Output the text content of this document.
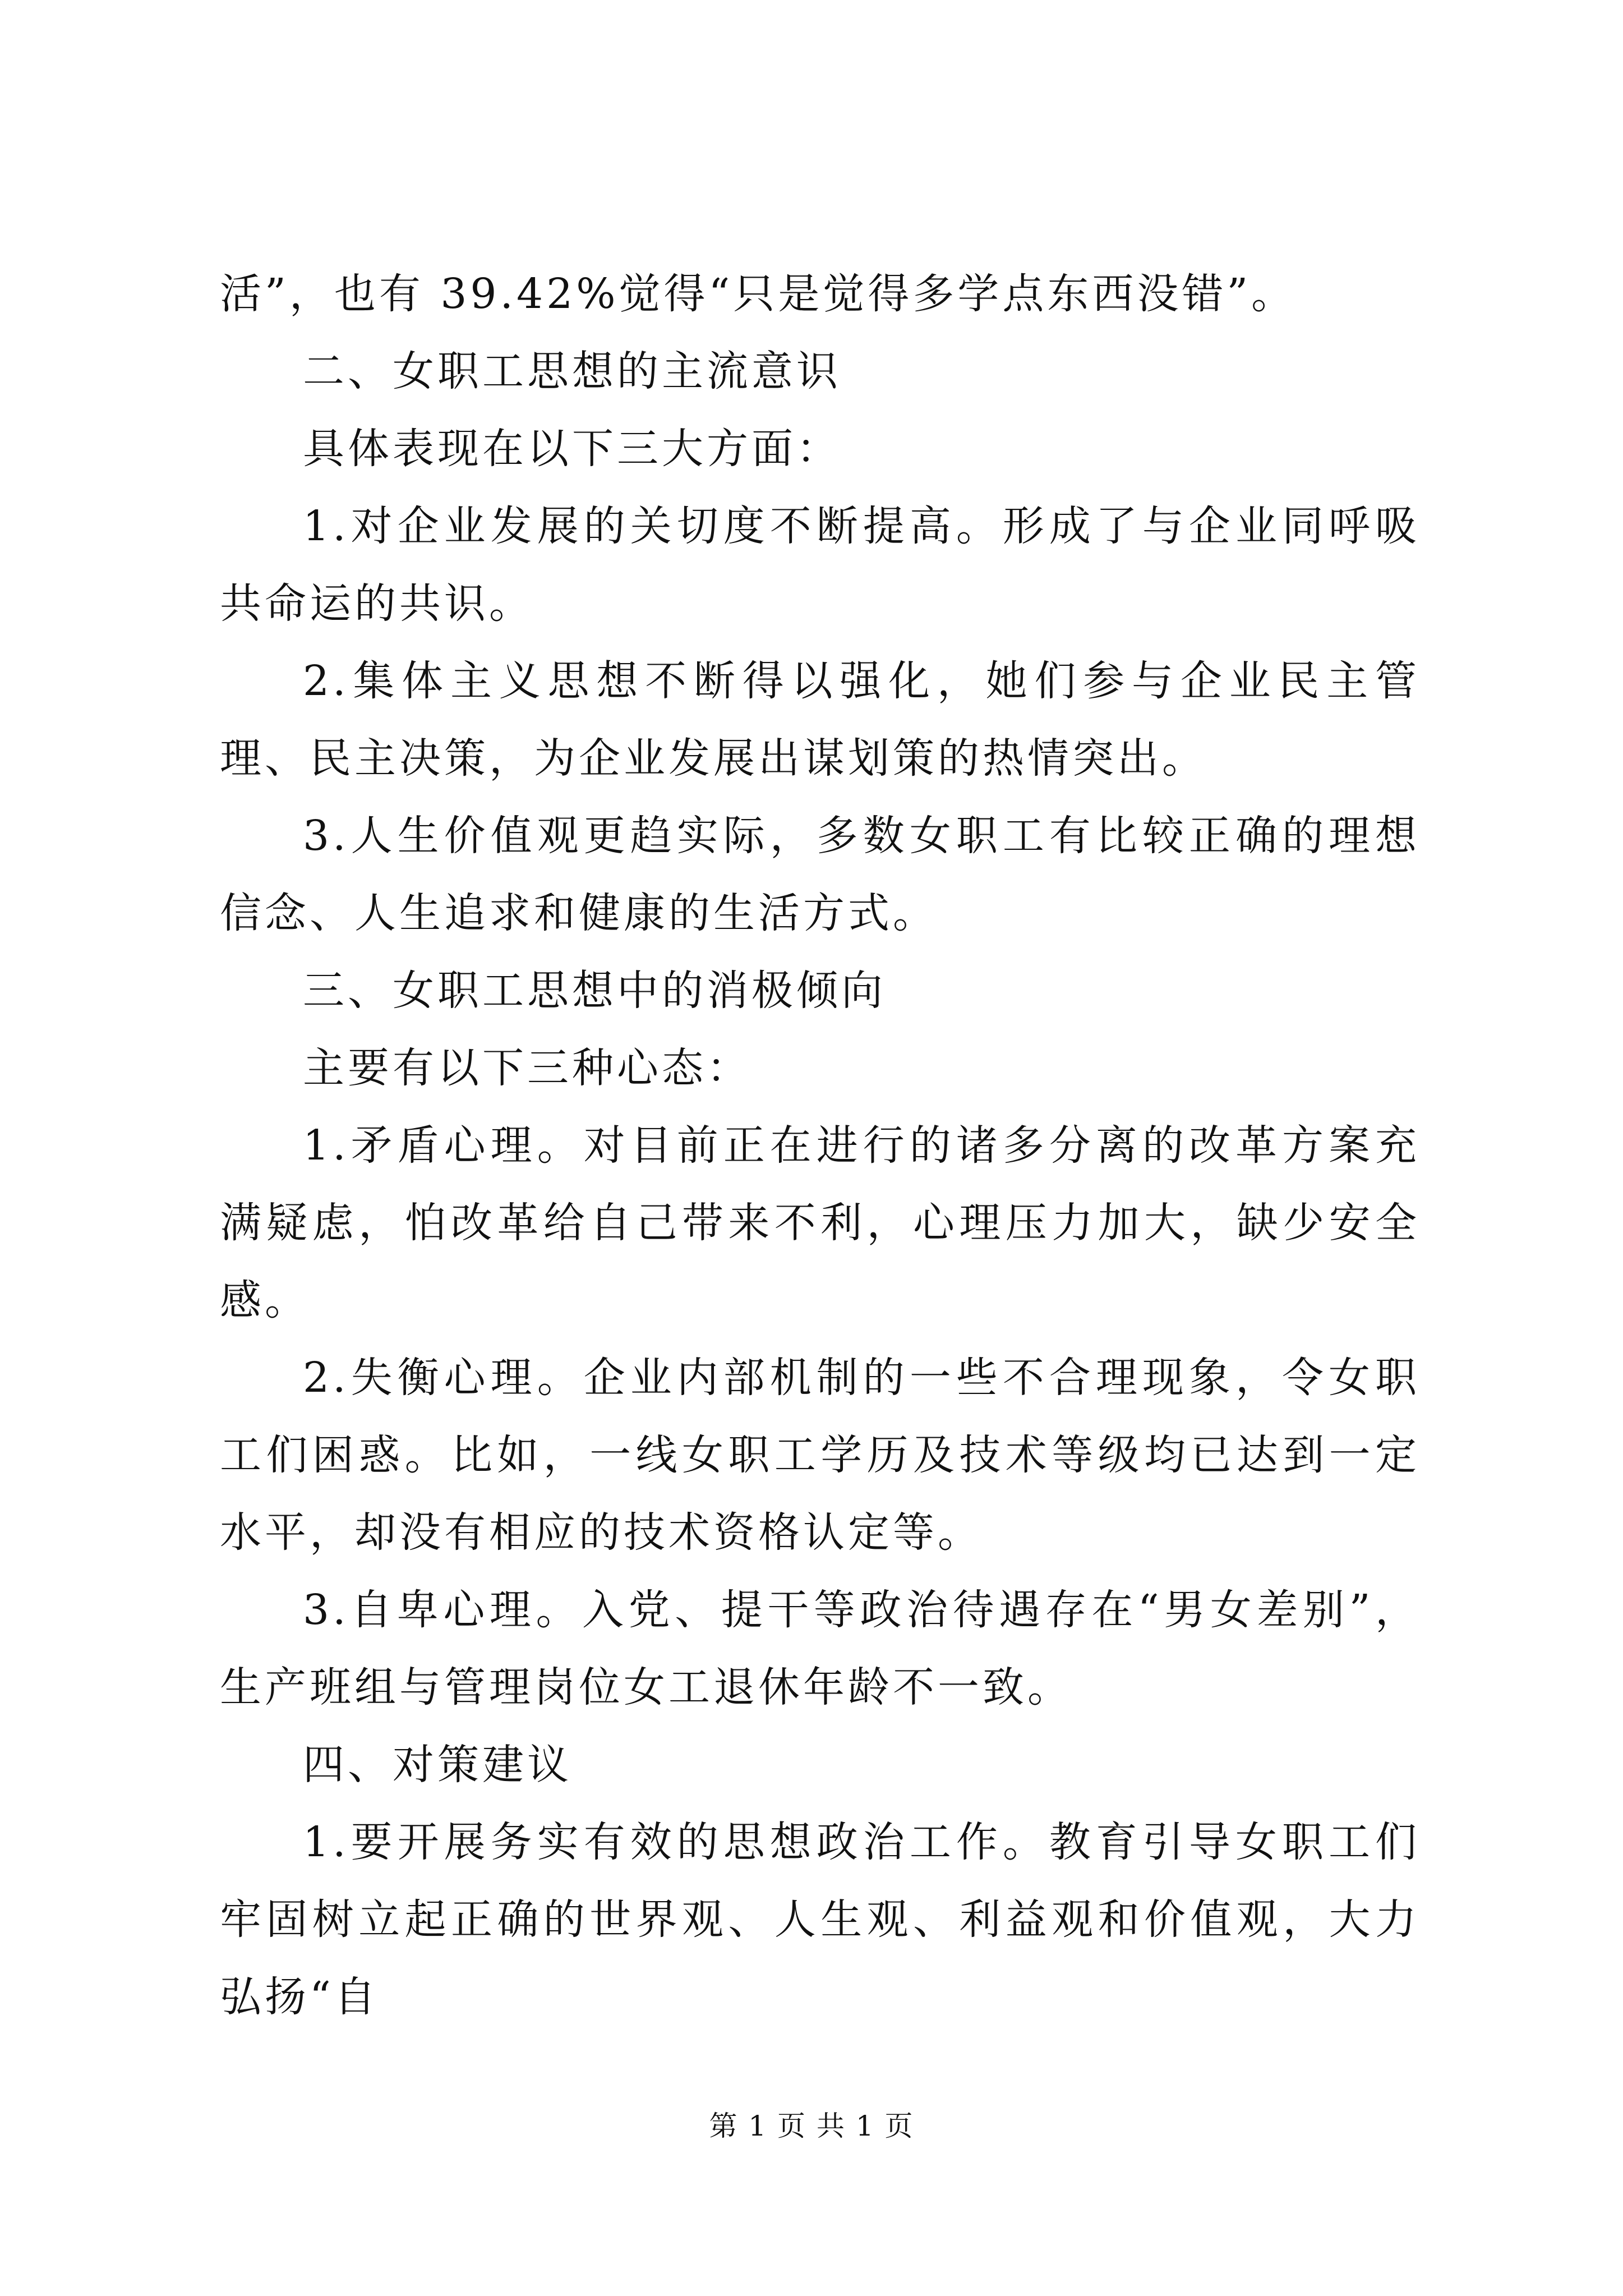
活”，也有 39.42%觉得“只是觉得多学点东西没错”。

二、女职工思想的主流意识

具体表现在以下三大方面：

1.对企业发展的关切度不断提高。形成了与企业同呼吸共命运的共识。

2.集体主义思想不断得以强化，她们参与企业民主管理、民主决策，为企业发展出谋划策的热情突出。

3.人生价值观更趋实际，多数女职工有比较正确的理想信念、人生追求和健康的生活方式。

三、女职工思想中的消极倾向

主要有以下三种心态：

1.矛盾心理。对目前正在进行的诸多分离的改革方案充满疑虑，怕改革给自己带来不利，心理压力加大，缺少安全感。

2.失衡心理。企业内部机制的一些不合理现象，令女职工们困惑。比如，一线女职工学历及技术等级均已达到一定水平，却没有相应的技术资格认定等。

3.自卑心理。入党、提干等政治待遇存在“男女差别”，生产班组与管理岗位女工退休年龄不一致。

四、对策建议

1.要开展务实有效的思想政治工作。教育引导女职工们牢固树立起正确的世界观、人生观、利益观和价值观，大力弘扬“自

第 1 页 共 1 页
